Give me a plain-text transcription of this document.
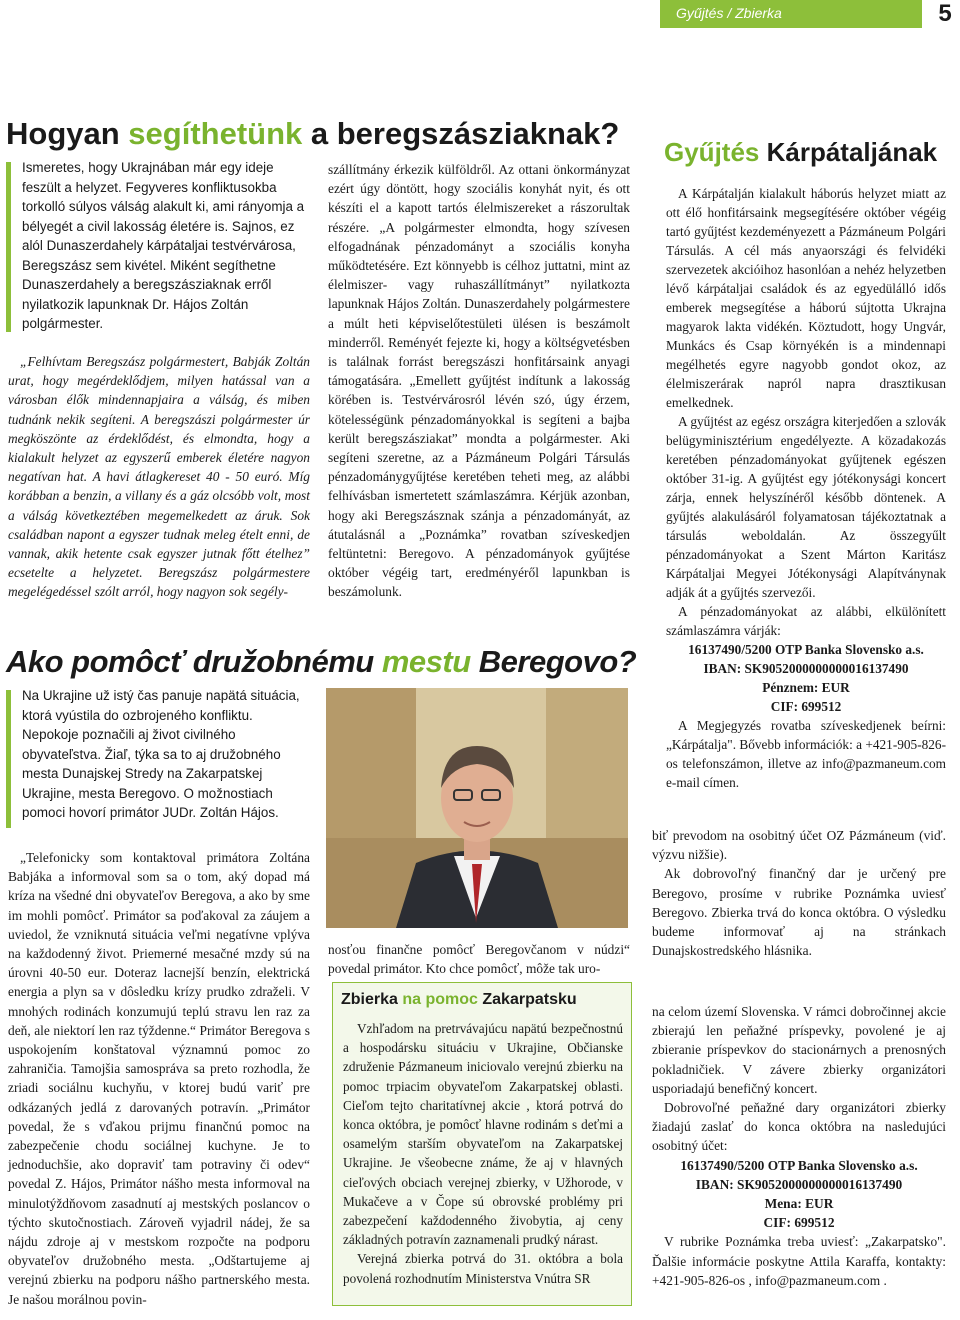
Gyűjtés / Zbierka	5
Hogyan segíthetünk a beregszásziaknak?
Ismeretes, hogy Ukrajnában már egy ideje feszült a helyzet. Fegyveres konfliktusokba torkolló súlyos válság alakult ki, ami rányomja a bélyegét a civil lakosság életére is. Sajnos, ez alól Dunaszerdahely kárpátaljai testvérvárosa, Beregszász sem kivétel. Miként segíthetne Dunaszerdahely a beregszásziaknak erről nyilatkozik lapunknak Dr. Hájos Zoltán polgármester.

„Felhívtam Beregszász polgármestert, Babják Zoltán urat, hogy megérdeklődjem, milyen hatással van a városban élők mindennapjaira a válság, és miben tudnánk nekik segíteni. A beregszászi polgármester úr megköszönte az érdeklődést, és elmondta, hogy a kialakult helyzet az egyszerű emberek életére nagyon negatívan hat. A havi átlagkereset 40 - 50 euró. Míg korábban a benzin, a villany és a gáz olcsóbb volt, most a válság következtében megemelkedett az áruk. Sok családban napont a egyszer tudnak meleg ételt enni, de vannak, akik hetente csak egyszer jutnak főtt ételhez” ecsetelte a helyzetet. Beregszász polgármestere megelégedéssel szólt arról, hogy nagyon sok segély-

szállítmány érkezik külföldről. Az ottani önkormányzat ezért úgy döntött, hogy szociális konyhát nyit, és ott készíti el a kapott tartós élelmiszereket a rászorultak részére. „A polgármester elmondta, hogy szívesen elfogadnának pénzadományt a szociális konyha működtetésére. Ezt könnyebb is célhoz juttatni, mint az élelmiszer- vagy ruhaszállítmányt” nyilatkozta lapunknak Hájos Zoltán. Dunaszerdahely polgármestere a múlt heti képviselőtestületi ülésen is beszámolt minderről. Reményét fejezte ki, hogy a költségvetésben is találnak forrást beregszászi honfitársaink anyagi támogatására. „Emellett gyűjtést indítunk a lakosság körében is. Testvérvárosról lévén szó, úgy érzem, kötelességünk pénzadományokkal is segíteni a bajba került beregszásziakat” mondta a polgármester. Aki segíteni szeretne, az a Pázmáneum Polgári Társulás pénzadománygyűjtése keretében teheti meg, az alábbi felhívásban ismertetett számlaszámra. Kérjük azonban, hogy aki Beregszásznak szánja a pénzadományát, az átutalásnál a „Poznámka” rovatban szíveskedjen feltüntetni: Beregovo. A pénzadományok gyűjtése október végéig tart, eredményéről lapunkban is beszámolunk.

Gyűjtés Kárpátaljának

A Kárpátalján kialakult háborús helyzet miatt az ott élő honfitársaink megsegítésére október végéig tartó gyűjtést kezdeményezett a Pázmáneum Polgári Társulás. A cél más anyaországi és felvidéki szervezetek akcióihoz hasonlóan a nehéz helyzetben lévő kárpátaljai családok és az egyedülálló idős emberek megsegítése a háború sújtotta Ukrajna magyarok lakta vidékén. Köztudott, hogy Ungvár, Munkács és Csap környékén is a mindennapi megélhetés egyre nagyobb gondot okoz, az élelmiszerárak napról napra drasztikusan emelkednek.

A gyűjtést az egész országra kiterjedően a szlovák belügyminisztérium engedélyezte. A közadakozás keretében pénzadományokat gyűjtenek egészen október 31-ig. A gyűjtést egy jótékonysági koncert zárja, ennek helyszínéről később döntenek. A gyűjtés alakulásáról folyamatosan tájékoztatnak a társulás weboldalán. Az összegyűlt pénzadományokat a Szent Márton Karitász Kárpátaljai Megyei Jótékonysági Alapítványnak adják át a gyűjtés szervezői.

A pénzadományokat az alábbi, elkülönített számlaszámra várják:

16137490/5200 OTP Banka Slovensko a.s.
IBAN: SK9052000000000016137490
Pénznem: EUR
CIF: 699512

A Megjegyzés rovatba szíveskedjenek beírni: „Kárpátalja". Bővebb információk: a +421-905-826-os telefonszámon, illetve az info@pazmaneum.com e-mail címen.

Ako pomôcť družobnému mestu Beregovo?
Na Ukrajine už istý čas panuje napätá situácia, ktorá vyústila do ozbrojeného konfliktu. Nepokoje poznačili aj život civilného obyvateľstva. Žiaľ, týka sa to aj družobného mesta Dunajskej Stredy na Zakarpatskej Ukrajine, mesta Beregovo. O možnostiach pomoci hovorí primátor JUDr. Zoltán Hájos.

„Telefonicky som kontaktoval primátora Zoltána Babjáka a informoval som sa o tom, aký dopad má kríza na všedné dni obyvateľov Beregova, a ako by sme im mohli pomôcť. Primátor sa poďakoval za záujem a uviedol, že vzniknutá situácia veľmi negatívne vplýva na každodenný život. Priemerné mesačné mzdy sú na úrovni 40-50 eur. Doteraz lacnejší benzín, elektrická energia a plyn sa v dôsledku krízy prudko zdraželi. V mnohých rodinách konzumujú teplú stravu len raz za deň, ale niektorí len raz týždenne.“ Primátor Beregova s uspokojením konštatoval významnú pomoc zo zahraničia. Tamojšia samospráva sa preto rozhodla, že zriadi sociálnu kuchyňu, v ktorej budú variť pre odkázaných jedlá z darovaných potravín. „Primátor povedal, že s vďakou prijmu finančnú pomoc na zabezpečenie chodu sociálnej kuchyne. Je to jednoduchšie, ako dopraviť tam potraviny či odev“ povedal Z. Hájos, Primátor nášho mesta informoval na minulotýždňovom zasadnutí aj mestských poslancov o týchto skutočnostiach. Zároveň vyjadril nádej, že sa nájdu zdroje aj v mestskom rozpočte na podporu obyvateľov družobného mesta. „Odštartujeme aj verejnú zbierku na podporu nášho partnerského mesta. Je našou morálnou povin-

nosťou finančne pomôcť Beregovčanom v núdzi“ povedal primátor. Kto chce pomôcť, môže tak uro-

Zbierka na pomoc Zakarpatsku

Vzhľadom na pretrvávajúcu napätú bezpečnostnú a hospodársku situáciu v Ukrajine, Občianske združenie Pázmaneum iniciovalo verejnú zbierku na pomoc trpiacim obyvateľom Zakarpatskej oblasti. Cieľom tejto charitatívnej akcie , ktorá potrvá do konca októbra, je pomôcť hlavne rodinám s deťmi a osamelým starším obyvateľom na Zakarpatskej Ukrajine. Je všeobecne známe, že aj v hlavných cieľových obciach verejnej zbierky, v Užhorode, v Mukačeve a v Čope sú obrovské problémy pri zabezpečení každodenného živobytia, aj ceny základných potravín zaznamenali prudký nárast.

Verejná zbierka potrvá do 31. októbra a bola povolená rozhodnutím Ministerstva Vnútra SR

biť prevodom na osobitný účet OZ Pázmáneum (viď. výzvu nižšie).

Ak dobrovoľný finančný dar je určený pre Beregovo, prosíme v rubrike Poznámka uviesť Beregovo. Zbierka trvá do konca októbra. O výsledku budeme informovať aj na stránkach Dunajskostredského hlásnika.

na celom území Slovenska. V rámci dobročinnej akcie zbierajú len peňažné príspevky, povolené je aj zbieranie príspevkov do stacionárnych a prenosných pokladničiek. V závere zbierky organizátori usporiadajú benefičný koncert.

Dobrovoľné peňažné dary organizátori zbierky žiadajú zaslať do konca októbra na nasledujúci osobitný účet:

16137490/5200 OTP Banka Slovensko a.s.
IBAN: SK9052000000000016137490
Mena: EUR
CIF: 699512

V rubrike Poznámka treba uviesť: „Zakarpatsko". Ďalšie informácie poskytne Attila Karaffa, kontakty: +421-905-826-os , info@pazmaneum.com .
